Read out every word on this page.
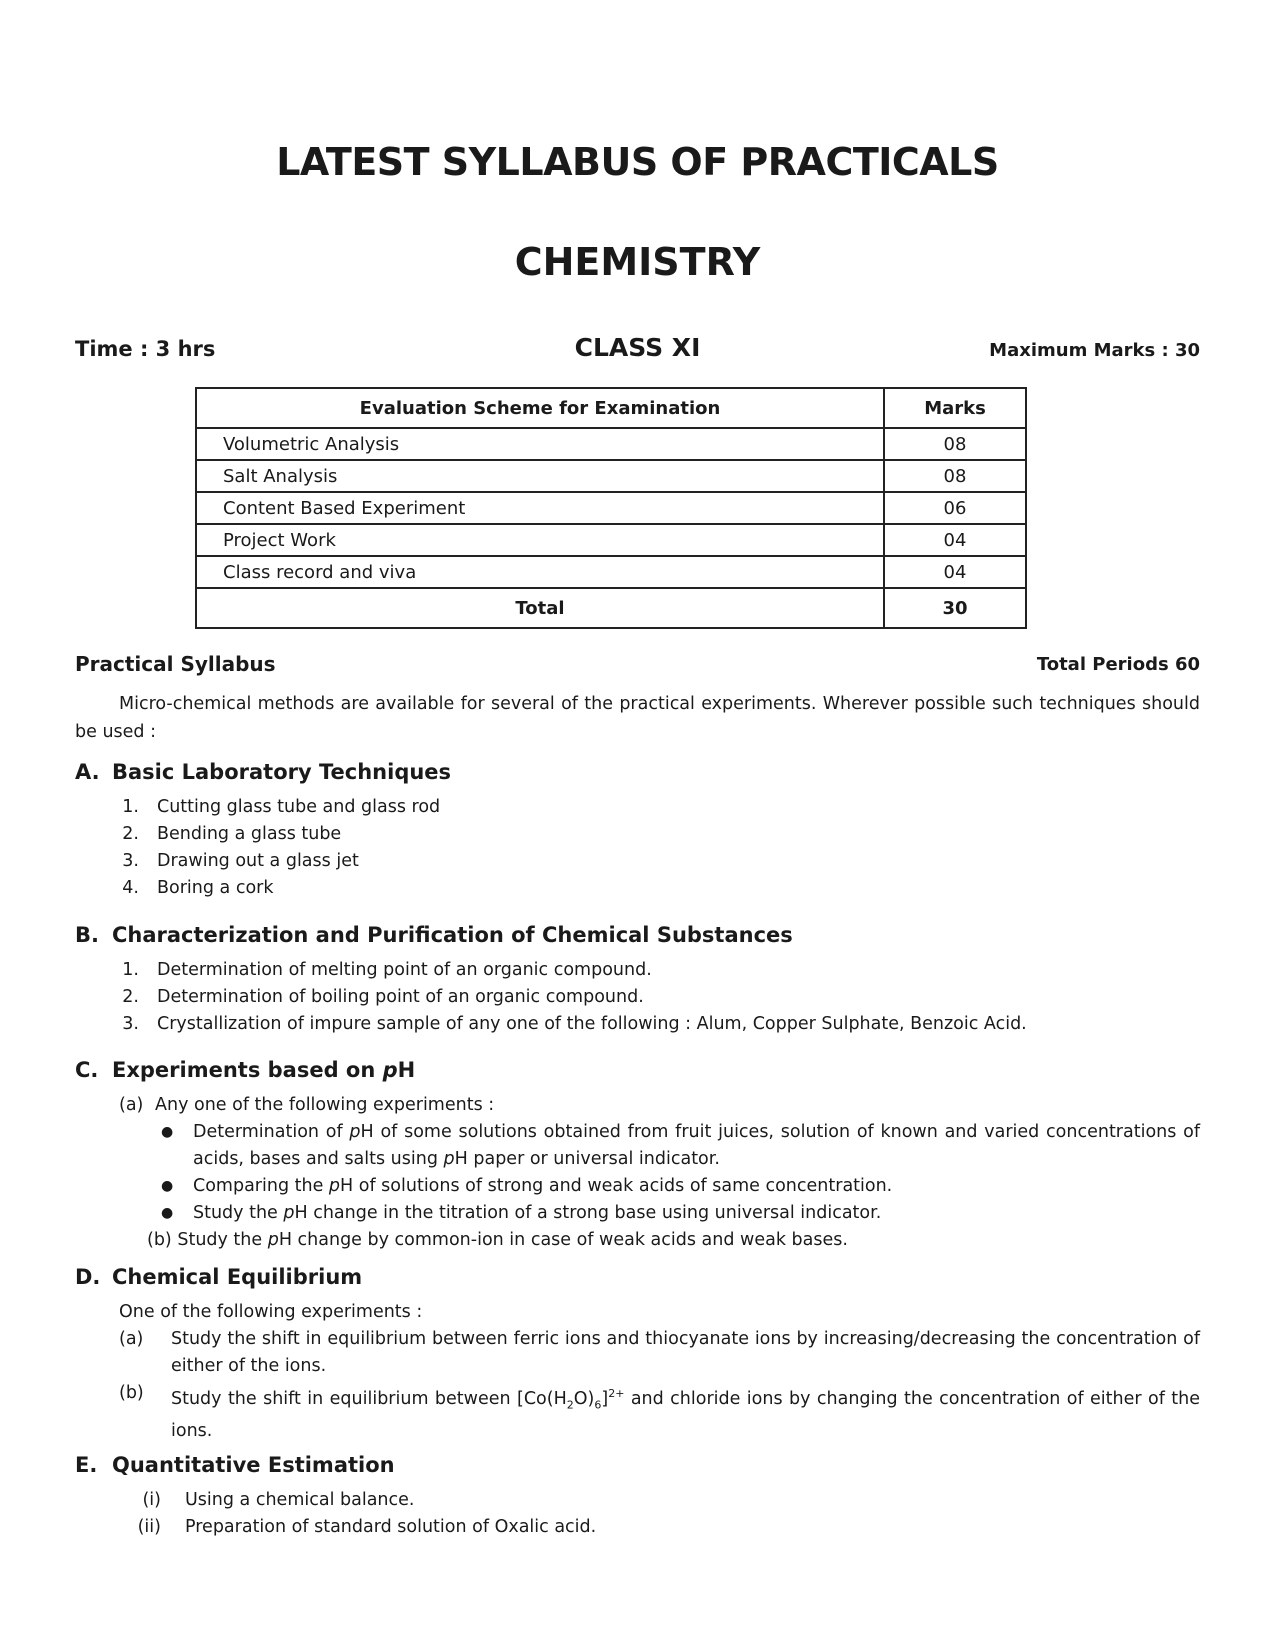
LATEST SYLLABUS OF PRACTICALS
CHEMISTRY
Time : 3 hrs	CLASS XI	Maximum Marks : 30
Evaluation Scheme for Examination	Marks
Volumetric Analysis	08
Salt Analysis	08
Content Based Experiment	06
Project Work	04
Class record and viva	04
Total	30
Practical Syllabus	Total Periods 60
Micro-chemical methods are available for several of the practical experiments. Wherever possible such techniques should be used :
A. Basic Laboratory Techniques
1. Cutting glass tube and glass rod
2. Bending a glass tube
3. Drawing out a glass jet
4. Boring a cork
B. Characterization and Purification of Chemical Substances
1. Determination of melting point of an organic compound.
2. Determination of boiling point of an organic compound.
3. Crystallization of impure sample of any one of the following : Alum, Copper Sulphate, Benzoic Acid.
C. Experiments based on pH
(a) Any one of the following experiments :
● Determination of pH of some solutions obtained from fruit juices, solution of known and varied concentrations of acids, bases and salts using pH paper or universal indicator.
● Comparing the pH of solutions of strong and weak acids of same concentration.
● Study the pH change in the titration of a strong base using universal indicator.
(b) Study the pH change by common-ion in case of weak acids and weak bases.
D. Chemical Equilibrium
One of the following experiments :
(a) Study the shift in equilibrium between ferric ions and thiocyanate ions by increasing/decreasing the concentration of either of the ions.
(b) Study the shift in equilibrium between $[Co(H_2O)_6]^{2+}$ and chloride ions by changing the concentration of either of the ions.
E. Quantitative Estimation
(i) Using a chemical balance.
(ii) Preparation of standard solution of Oxalic acid.
